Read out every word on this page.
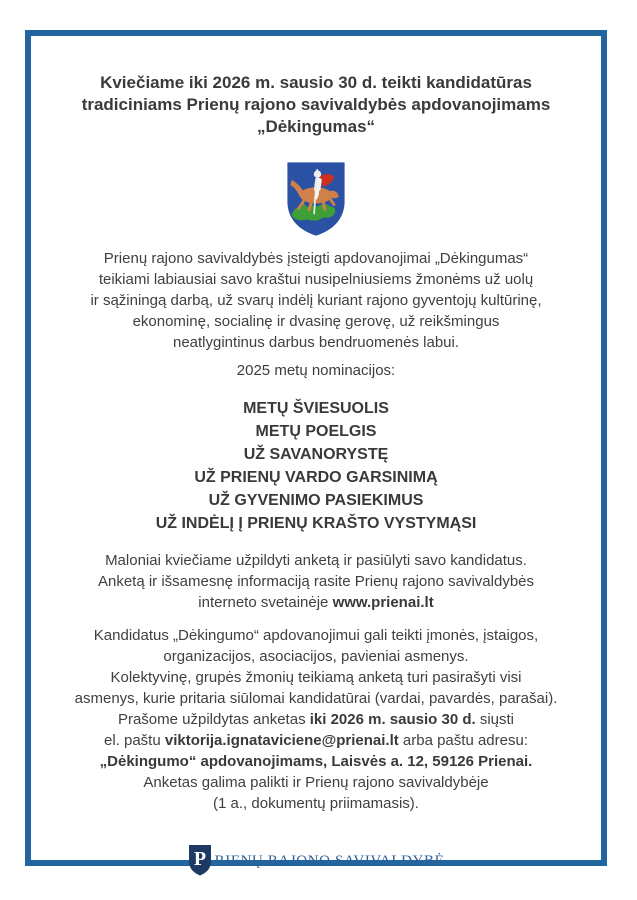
Kviečiame iki 2026 m. sausio 30 d. teikti kandidatūras
tradiciniams Prienų rajono savivaldybės apdovanojimams
„Dėkingumas“
Prienų rajono savivaldybės įsteigti apdovanojimai „Dėkingumas“
teikiami labiausiai savo kraštui nusipelniusiems žmonėms už uolų
ir sąžiningą darbą, už svarų indėlį kuriant rajono gyventojų kultūrinę,
ekonominę, socialinę ir dvasinę gerovę, už reikšmingus
neatlygintinus darbus bendruomenės labui.
2025 metų nominacijos:
METŲ ŠVIESUOLIS
METŲ POELGIS
UŽ SAVANORYSTĘ
UŽ PRIENŲ VARDO GARSINIMĄ
UŽ GYVENIMO PASIEKIMUS
UŽ INDĖLĮ Į PRIENŲ KRAŠTO VYSTYMĄSI
Maloniai kviečiame užpildyti anketą ir pasiūlyti savo kandidatus.
Anketą ir išsamesnę informaciją rasite Prienų rajono savivaldybės
interneto svetainėje www.prienai.lt
Kandidatus „Dėkingumo“ apdovanojimui gali teikti įmonės, įstaigos,
organizacijos, asociacijos, pavieniai asmenys.
Kolektyvinę, grupės žmonių teikiamą anketą turi pasirašyti visi
asmenys, kurie pritaria siūlomai kandidatūrai (vardai, pavardės, parašai).
Prašome užpildytas anketas iki 2026 m. sausio 30 d. siųsti
el. paštu viktorija.ignataviciene@prienai.lt arba paštu adresu:
„Dėkingumo“ apdovanojimams, Laisvės a. 12, 59126 Prienai.
Anketas galima palikti ir Prienų rajono savivaldybėje
(1 a., dokumentų priimamasis).
P RIENŲ RAJONO SAVIVALDYBĖ
